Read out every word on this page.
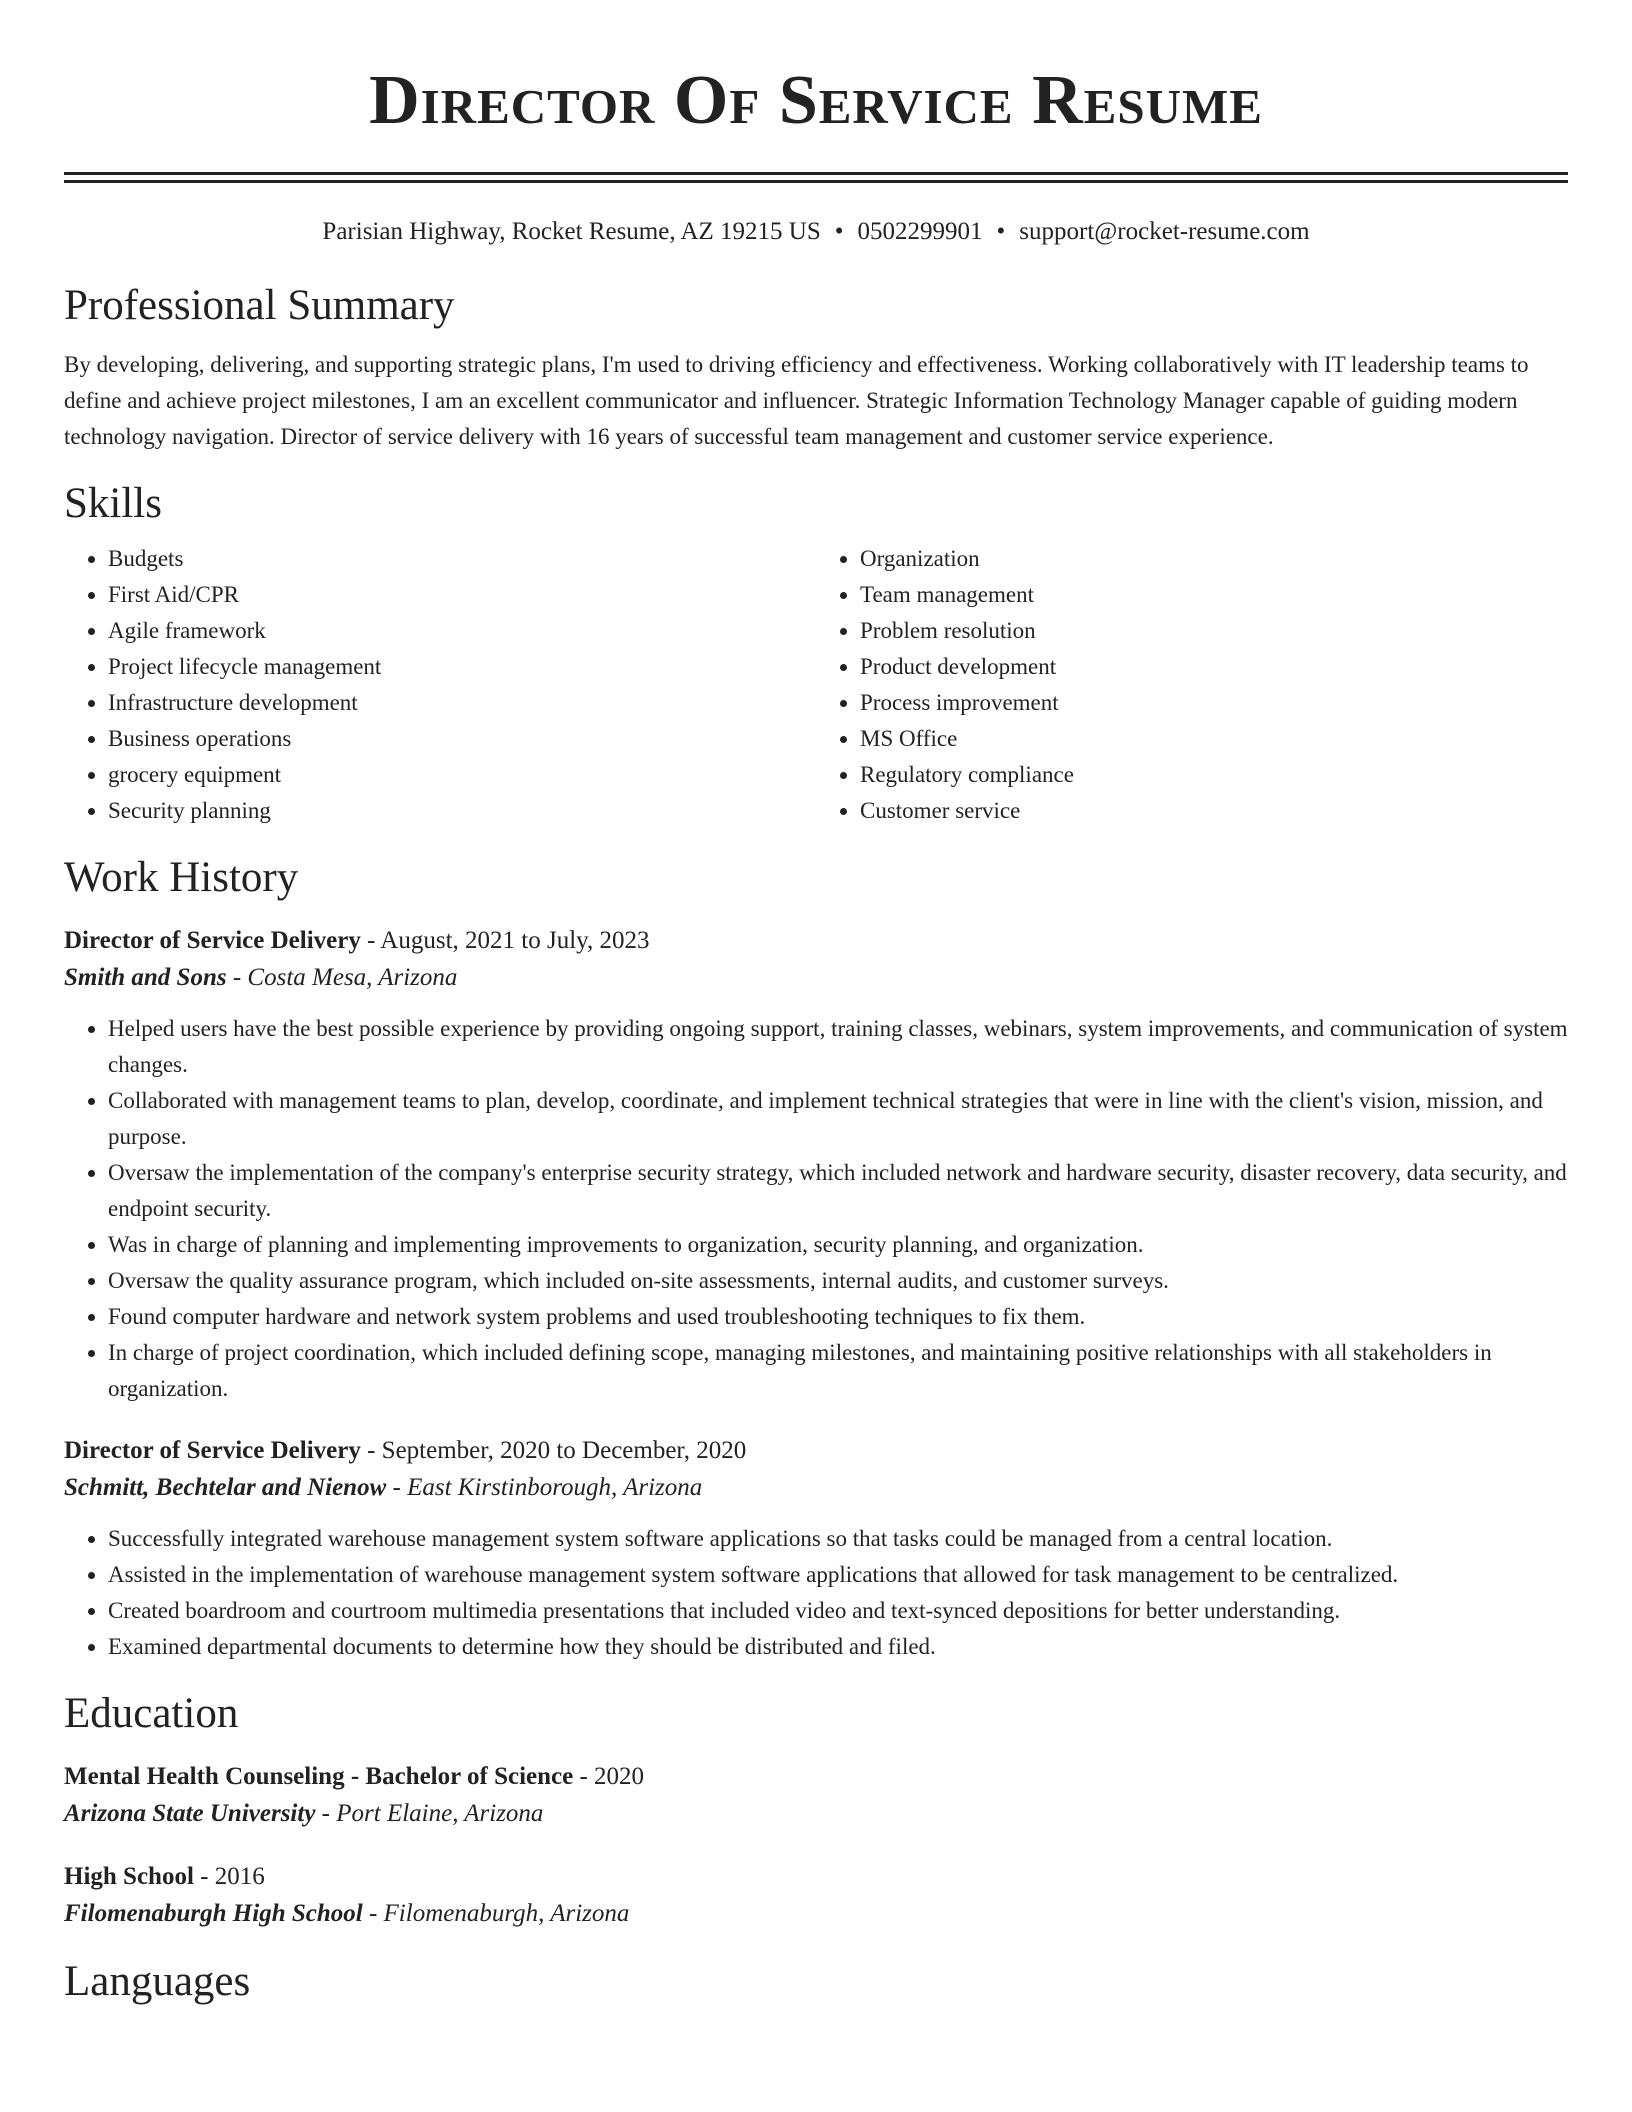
Director Of Service Resume
Parisian Highway, Rocket Resume, AZ 19215 US • 0502299901 • support@rocket-resume.com
Professional Summary

By developing, delivering, and supporting strategic plans, I'm used to driving efficiency and effectiveness. Working collaboratively with IT leadership teams to define and achieve project milestones, I am an excellent communicator and influencer. Strategic Information Technology Manager capable of guiding modern technology navigation. Director of service delivery with 16 years of successful team management and customer service experience.

Skills
• Budgets
• First Aid/CPR
• Agile framework
• Project lifecycle management
• Infrastructure development
• Business operations
• grocery equipment
• Security planning
• Organization
• Team management
• Problem resolution
• Product development
• Process improvement
• MS Office
• Regulatory compliance
• Customer service
Work History
Director of Service Delivery - August, 2021 to July, 2023
Smith and Sons - Costa Mesa, Arizona
• Helped users have the best possible experience by providing ongoing support, training classes, webinars, system improvements, and communication of system changes.
• Collaborated with management teams to plan, develop, coordinate, and implement technical strategies that were in line with the client's vision, mission, and purpose.
• Oversaw the implementation of the company's enterprise security strategy, which included network and hardware security, disaster recovery, data security, and endpoint security.
• Was in charge of planning and implementing improvements to organization, security planning, and organization.
• Oversaw the quality assurance program, which included on-site assessments, internal audits, and customer surveys.
• Found computer hardware and network system problems and used troubleshooting techniques to fix them.
• In charge of project coordination, which included defining scope, managing milestones, and maintaining positive relationships with all stakeholders in organization.
Director of Service Delivery - September, 2020 to December, 2020
Schmitt, Bechtelar and Nienow - East Kirstinborough, Arizona
• Successfully integrated warehouse management system software applications so that tasks could be managed from a central location.
• Assisted in the implementation of warehouse management system software applications that allowed for task management to be centralized.
• Created boardroom and courtroom multimedia presentations that included video and text-synced depositions for better understanding.
• Examined departmental documents to determine how they should be distributed and filed.
Education
Mental Health Counseling - Bachelor of Science - 2020
Arizona State University - Port Elaine, Arizona
High School - 2016
Filomenaburgh High School - Filomenaburgh, Arizona
Languages
